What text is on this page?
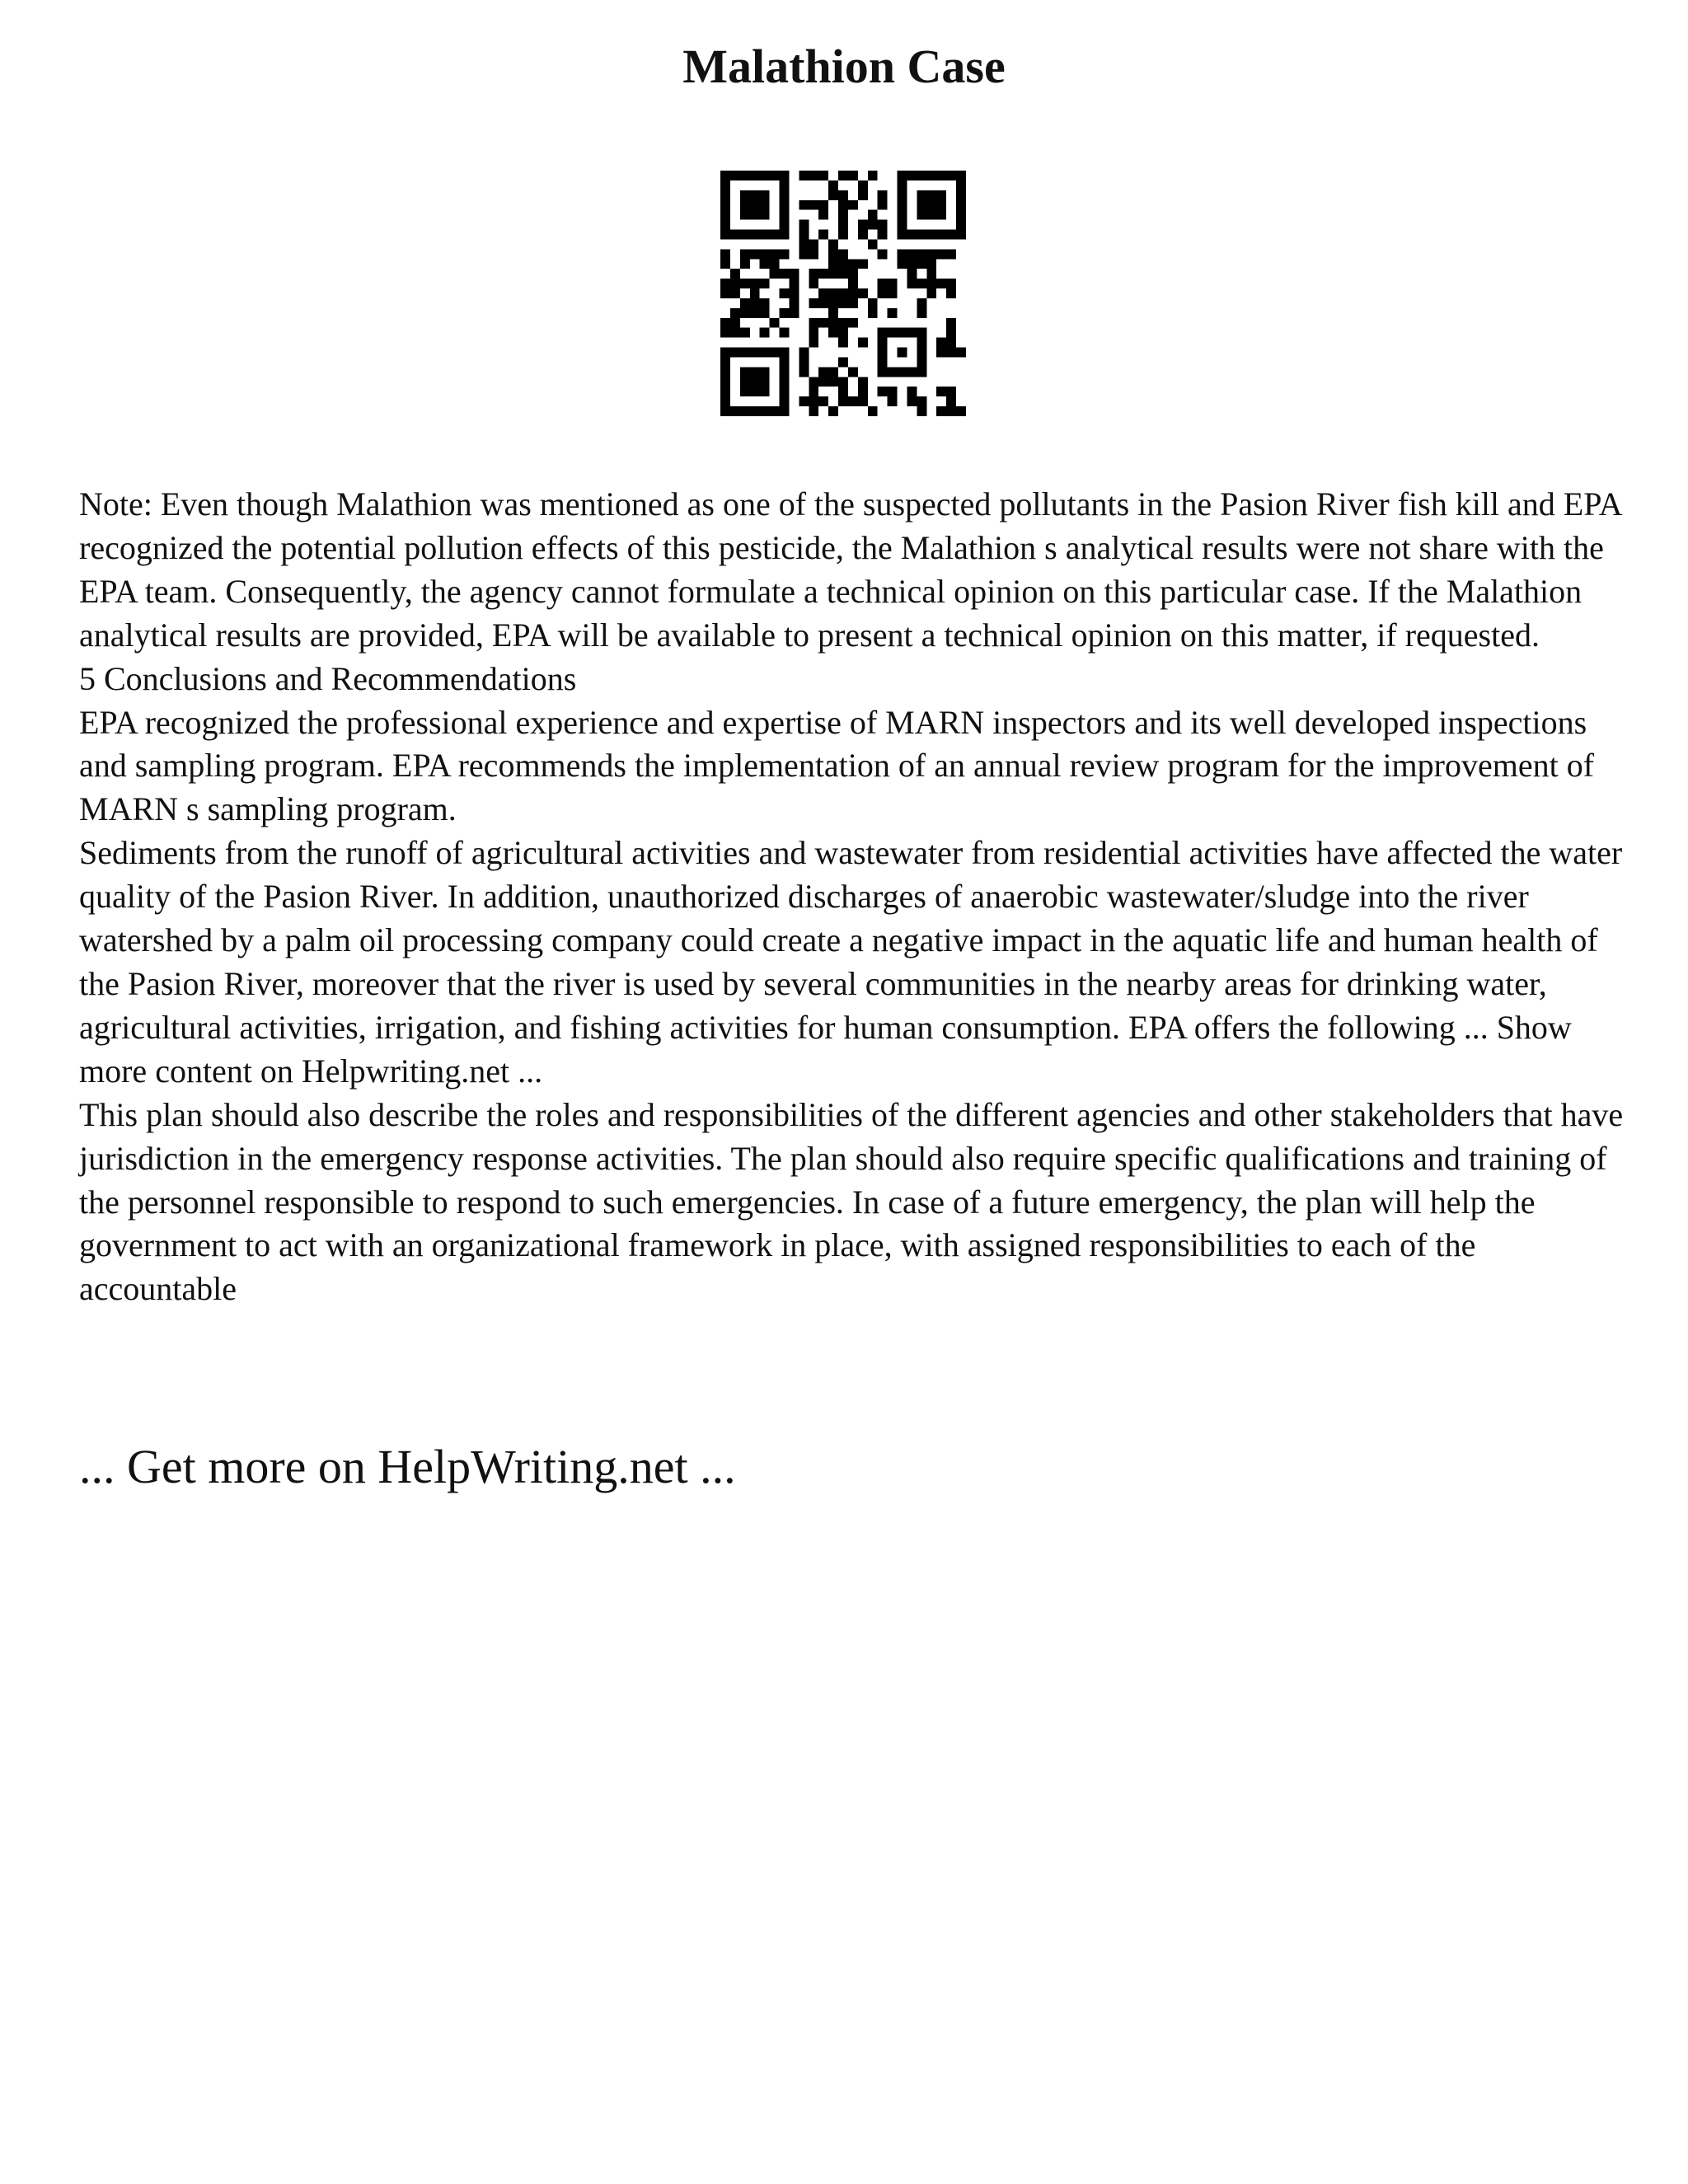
Malathion Case

Note: Even though Malathion was mentioned as one of the suspected pollutants in the Pasion River fish kill and EPA recognized the potential pollution effects of this pesticide, the Malathion s analytical results were not share with the EPA team. Consequently, the agency cannot formulate a technical opinion on this particular case. If the Malathion analytical results are provided, EPA will be available to present a technical opinion on this matter, if requested.

5 Conclusions and Recommendations

EPA recognized the professional experience and expertise of MARN inspectors and its well developed inspections and sampling program. EPA recommends the implementation of an annual review program for the improvement of MARN s sampling program.

Sediments from the runoff of agricultural activities and wastewater from residential activities have affected the water quality of the Pasion River. In addition, unauthorized discharges of anaerobic wastewater/sludge into the river watershed by a palm oil processing company could create a negative impact in the aquatic life and human health of the Pasion River, moreover that the river is used by several communities in the nearby areas for drinking water, agricultural activities, irrigation, and fishing activities for human consumption. EPA offers the following ... Show more content on Helpwriting.net ...

This plan should also describe the roles and responsibilities of the different agencies and other stakeholders that have jurisdiction in the emergency response activities. The plan should also require specific qualifications and training of the personnel responsible to respond to such emergencies. In case of a future emergency, the plan will help the government to act with an organizational framework in place, with assigned responsibilities to each of the accountable

... Get more on HelpWriting.net ...
